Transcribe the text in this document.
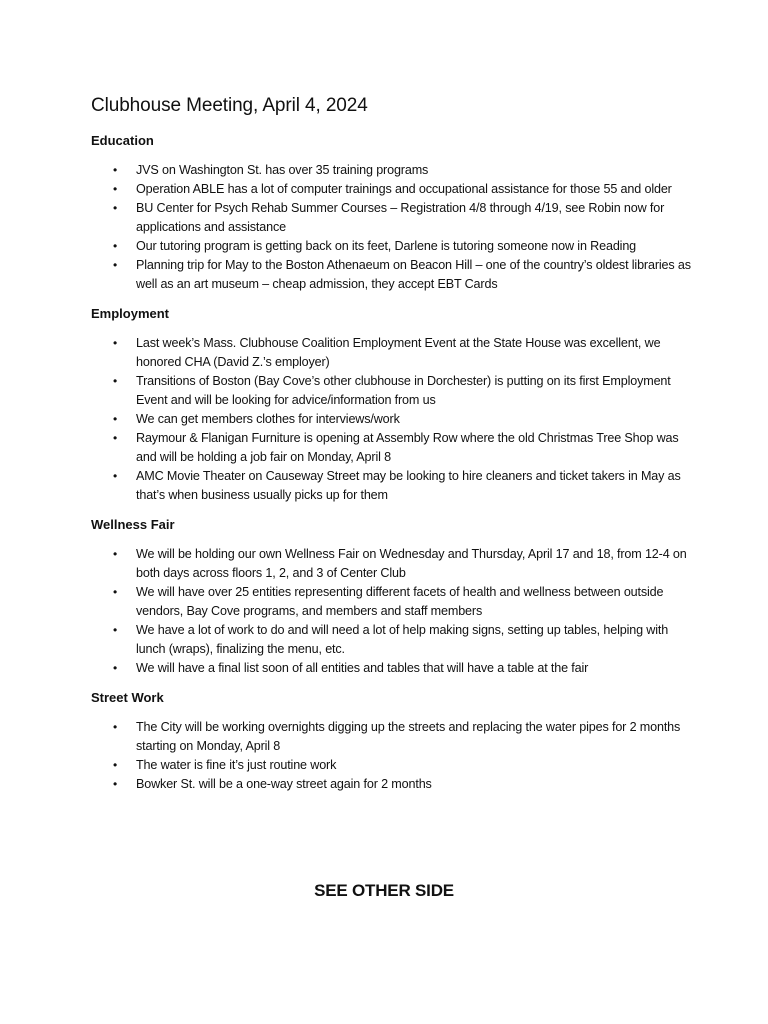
Clubhouse Meeting, April 4, 2024
Education
• JVS on Washington St. has over 35 training programs
• Operation ABLE has a lot of computer trainings and occupational assistance for those 55 and older
• BU Center for Psych Rehab Summer Courses – Registration 4/8 through 4/19, see Robin now for applications and assistance
• Our tutoring program is getting back on its feet, Darlene is tutoring someone now in Reading
• Planning trip for May to the Boston Athenaeum on Beacon Hill – one of the country’s oldest libraries as well as an art museum – cheap admission, they accept EBT Cards
Employment
• Last week’s Mass. Clubhouse Coalition Employment Event at the State House was excellent, we honored CHA (David Z.’s employer)
• Transitions of Boston (Bay Cove’s other clubhouse in Dorchester) is putting on its first Employment Event and will be looking for advice/information from us
• We can get members clothes for interviews/work
• Raymour & Flanigan Furniture is opening at Assembly Row where the old Christmas Tree Shop was and will be holding a job fair on Monday, April 8
• AMC Movie Theater on Causeway Street may be looking to hire cleaners and ticket takers in May as that’s when business usually picks up for them
Wellness Fair
• We will be holding our own Wellness Fair on Wednesday and Thursday, April 17 and 18, from 12-4 on both days across floors 1, 2, and 3 of Center Club
• We will have over 25 entities representing different facets of health and wellness between outside vendors, Bay Cove programs, and members and staff members
• We have a lot of work to do and will need a lot of help making signs, setting up tables, helping with lunch (wraps), finalizing the menu, etc.
• We will have a final list soon of all entities and tables that will have a table at the fair
Street Work
• The City will be working overnights digging up the streets and replacing the water pipes for 2 months starting on Monday, April 8
• The water is fine it’s just routine work
• Bowker St. will be a one-way street again for 2 months
SEE OTHER SIDE
